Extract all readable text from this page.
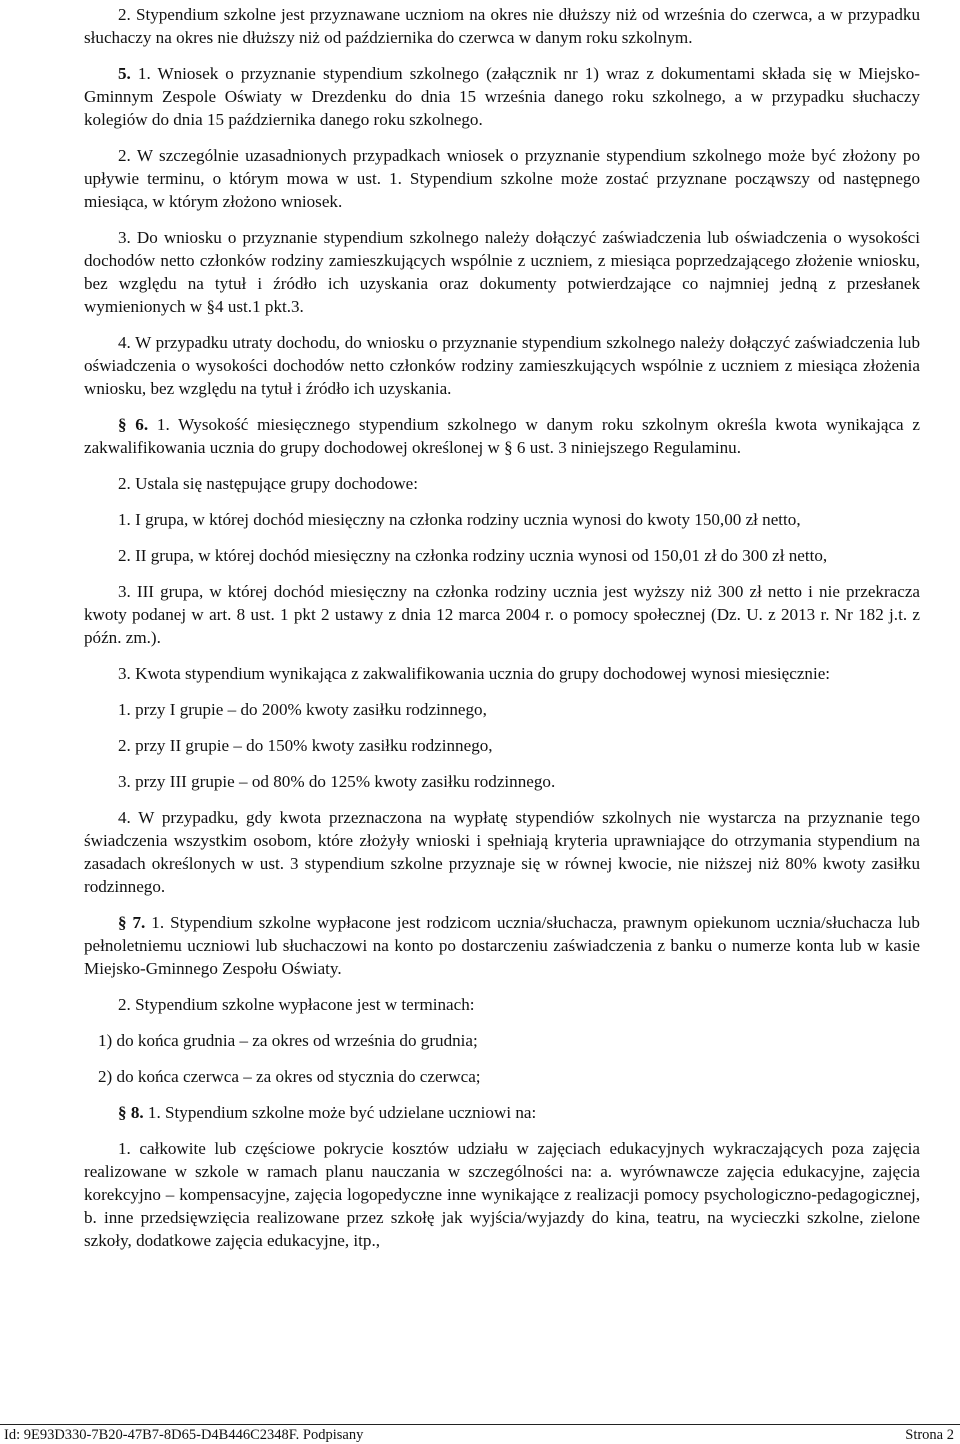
2. Stypendium szkolne jest przyznawane uczniom na okres nie dłuższy niż od września do czerwca, a w przypadku słuchaczy na okres nie dłuższy niż od października do czerwca w danym roku szkolnym.

5. 1. Wniosek o przyznanie stypendium szkolnego (załącznik nr 1) wraz z dokumentami składa się w Miejsko-Gminnym Zespole Oświaty w Drezdenku do dnia 15 września danego roku szkolnego, a w przypadku słuchaczy kolegiów do dnia 15 października danego roku szkolnego.

2. W szczególnie uzasadnionych przypadkach wniosek o przyznanie stypendium szkolnego może być złożony po upływie terminu, o którym mowa w ust. 1. Stypendium szkolne może zostać przyznane począwszy od następnego miesiąca, w którym złożono wniosek.

3. Do wniosku o przyznanie stypendium szkolnego należy dołączyć zaświadczenia lub oświadczenia o wysokości dochodów netto członków rodziny zamieszkujących wspólnie z uczniem, z miesiąca poprzedzającego złożenie wniosku, bez względu na tytuł i źródło ich uzyskania oraz dokumenty potwierdzające co najmniej jedną z przesłanek wymienionych w §4 ust.1 pkt.3.

4. W przypadku utraty dochodu, do wniosku o przyznanie stypendium szkolnego należy dołączyć zaświadczenia lub oświadczenia o wysokości dochodów netto członków rodziny zamieszkujących wspólnie z uczniem z miesiąca złożenia wniosku, bez względu na tytuł i źródło ich uzyskania.

§ 6. 1. Wysokość miesięcznego stypendium szkolnego w danym roku szkolnym określa kwota wynikająca z zakwalifikowania ucznia do grupy dochodowej określonej w § 6 ust. 3 niniejszego Regulaminu.

2. Ustala się następujące grupy dochodowe:

1. I grupa, w której dochód miesięczny na członka rodziny ucznia wynosi do kwoty 150,00 zł netto,

2. II grupa, w której dochód miesięczny na członka rodziny ucznia wynosi od 150,01 zł do 300 zł netto,

3. III grupa, w której dochód miesięczny na członka rodziny ucznia jest wyższy niż 300 zł netto i nie przekracza kwoty podanej w art. 8 ust. 1 pkt 2 ustawy z dnia 12 marca 2004 r. o pomocy społecznej (Dz. U. z 2013 r. Nr 182 j.t. z późn. zm.).

3. Kwota stypendium wynikająca z zakwalifikowania ucznia do grupy dochodowej wynosi miesięcznie:

1. przy I grupie – do 200% kwoty zasiłku rodzinnego,

2. przy II grupie – do 150% kwoty zasiłku rodzinnego,

3. przy III grupie – od 80% do 125% kwoty zasiłku rodzinnego.

4. W przypadku, gdy kwota przeznaczona na wypłatę stypendiów szkolnych nie wystarcza na przyznanie tego świadczenia wszystkim osobom, które złożyły wnioski i spełniają kryteria uprawniające do otrzymania stypendium na zasadach określonych w ust. 3 stypendium szkolne przyznaje się w równej kwocie, nie niższej niż 80% kwoty zasiłku rodzinnego.

§ 7. 1. Stypendium szkolne wypłacone jest rodzicom ucznia/słuchacza, prawnym opiekunom ucznia/słuchacza lub pełnoletniemu uczniowi lub słuchaczowi na konto po dostarczeniu zaświadczenia z banku o numerze konta lub w kasie Miejsko-Gminnego Zespołu Oświaty.

2. Stypendium szkolne wypłacone jest w terminach:

1) do końca grudnia – za okres od września do grudnia;

2) do końca czerwca – za okres od stycznia do czerwca;

§ 8. 1. Stypendium szkolne może być udzielane uczniowi na:

1. całkowite lub częściowe pokrycie kosztów udziału w zajęciach edukacyjnych wykraczających poza zajęcia realizowane w szkole w ramach planu nauczania w szczególności na: a. wyrównawcze zajęcia edukacyjne, zajęcia korekcyjno – kompensacyjne, zajęcia logopedyczne inne wynikające z realizacji pomocy psychologiczno-pedagogicznej, b. inne przedsięwzięcia realizowane przez szkołę jak wyjścia/wyjazdy do kina, teatru, na wycieczki szkolne, zielone szkoły, dodatkowe zajęcia edukacyjne, itp.,

Id: 9E93D330-7B20-47B7-8D65-D4B446C2348F. Podpisany	Strona 2
